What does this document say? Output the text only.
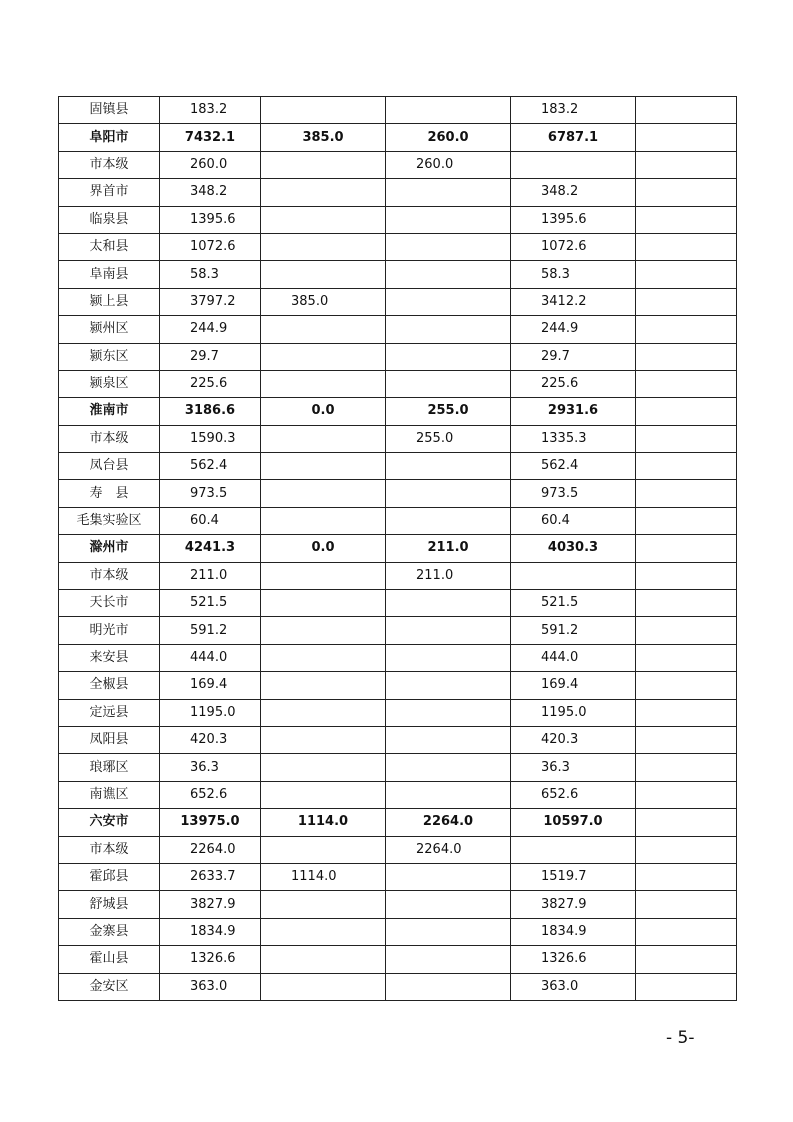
固镇县	183.2			183.2	
阜阳市	7432.1	385.0	260.0	6787.1	
市本级	260.0		260.0		
界首市	348.2			348.2	
临泉县	1395.6			1395.6	
太和县	1072.6			1072.6	
阜南县	58.3			58.3	
颍上县	3797.2	385.0		3412.2	
颍州区	244.9			244.9	
颍东区	29.7			29.7	
颍泉区	225.6			225.6	
淮南市	3186.6	0.0	255.0	2931.6	
市本级	1590.3		255.0	1335.3	
凤台县	562.4			562.4	
寿　县	973.5			973.5	
毛集实验区	60.4			60.4	
滁州市	4241.3	0.0	211.0	4030.3	
市本级	211.0		211.0		
天长市	521.5			521.5	
明光市	591.2			591.2	
来安县	444.0			444.0	
全椒县	169.4			169.4	
定远县	1195.0			1195.0	
凤阳县	420.3			420.3	
琅琊区	36.3			36.3	
南谯区	652.6			652.6	
六安市	13975.0	1114.0	2264.0	10597.0	
市本级	2264.0		2264.0		
霍邱县	2633.7	1114.0		1519.7	
舒城县	3827.9			3827.9	
金寨县	1834.9			1834.9	
霍山县	1326.6			1326.6	
金安区	363.0			363.0	
- 5-
